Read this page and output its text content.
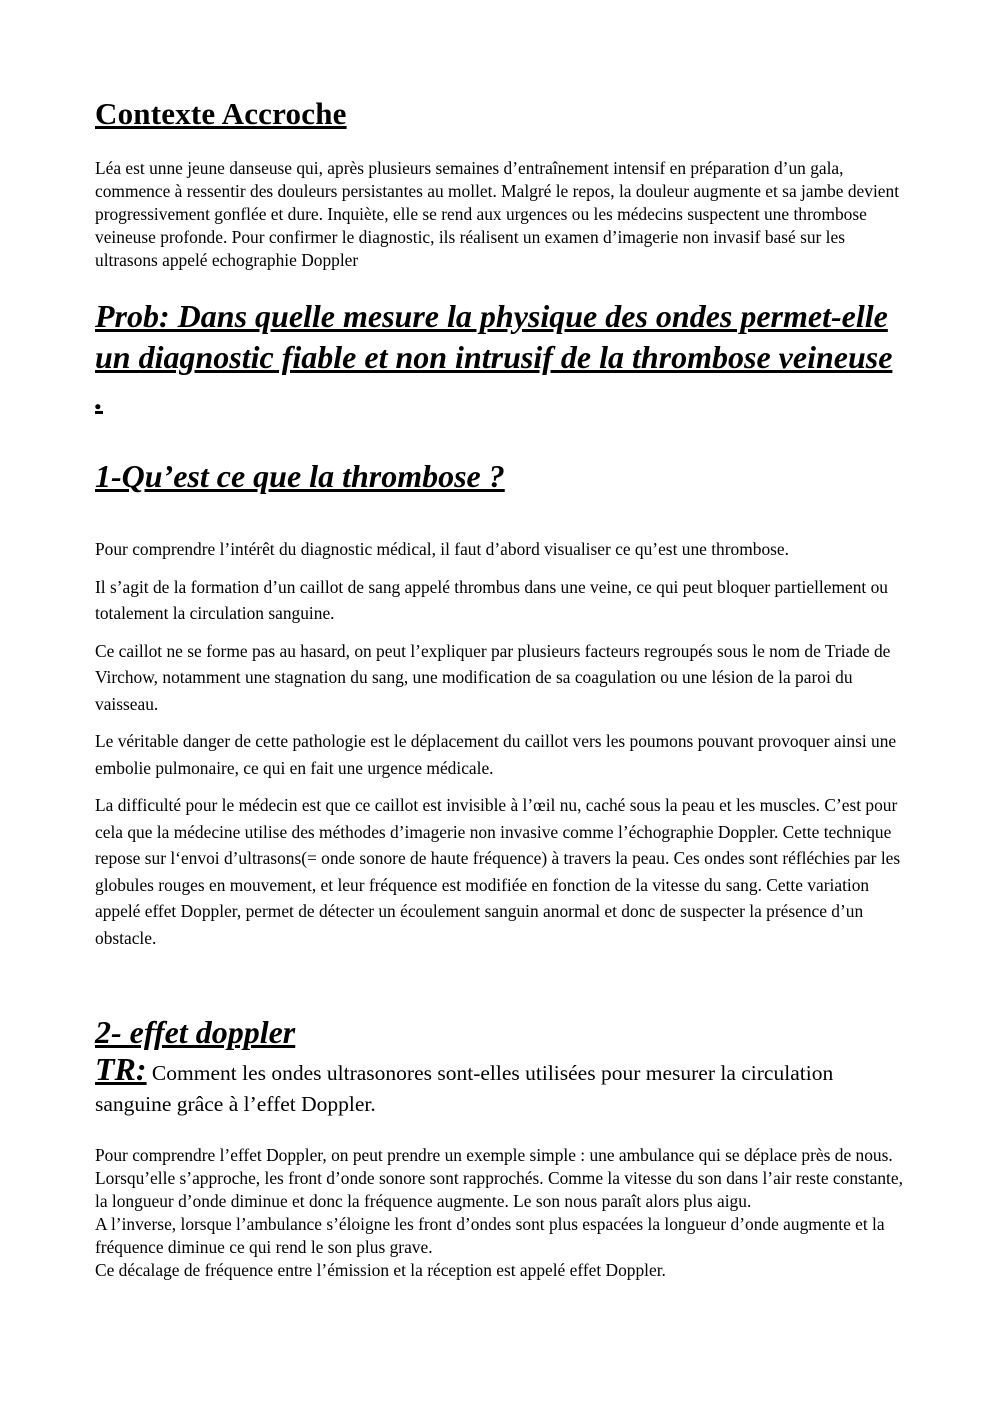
Contexte Accroche

Léa est unne jeune danseuse qui, après plusieurs semaines d’entraînement intensif en préparation d’un gala, commence à ressentir des douleurs persistantes au mollet. Malgré le repos, la douleur augmente et sa jambe devient progressivement gonflée et dure. Inquiète, elle se rend aux urgences ou les médecins suspectent une thrombose veineuse profonde. Pour confirmer le diagnostic, ils réalisent un examen d’imagerie non invasif basé sur les ultrasons appelé echographie Doppler

Prob: Dans quelle mesure la physique des ondes permet-elle un diagnostic fiable et non intrusif de la thrombose veineuse .
1-Qu’est ce que la thrombose ?

Pour comprendre l’intérêt du diagnostic médical, il faut d’abord visualiser ce qu’est une thrombose.

Il s’agit de la formation d’un caillot de sang appelé thrombus dans une veine, ce qui peut bloquer partiellement ou totalement la circulation sanguine.

Ce caillot ne se forme pas au hasard, on peut l’expliquer par plusieurs facteurs regroupés sous le nom de Triade de Virchow, notamment une stagnation du sang, une modification de sa coagulation ou une lésion de la paroi du vaisseau.

Le véritable danger de cette pathologie est le déplacement du caillot vers les poumons pouvant provoquer ainsi une embolie pulmonaire, ce qui en fait une urgence médicale.

La difficulté pour le médecin est que ce caillot est invisible à l’œil nu, caché sous la peau et les muscles. C’est pour cela que la médecine utilise des méthodes d’imagerie non invasive comme l’échographie Doppler. Cette technique repose sur l‘envoi d’ultrasons(= onde sonore de haute fréquence) à travers la peau. Ces ondes sont réfléchies par les globules rouges en mouvement, et leur fréquence est modifiée en fonction de la vitesse du sang. Cette variation appelé effet Doppler, permet de détecter un écoulement sanguin anormal et donc de suspecter la présence d’un obstacle.

2- effet doppler
TR: Comment les ondes ultrasonores sont-elles utilisées pour mesurer la circulation sanguine grâce à l’effet Doppler.

Pour comprendre l’effet Doppler, on peut prendre un exemple simple : une ambulance qui se déplace près de nous. Lorsqu’elle s’approche, les front d’onde sonore sont rapprochés. Comme la vitesse du son dans l’air reste constante, la longueur d’onde diminue et donc la fréquence augmente. Le son nous paraît alors plus aigu.

A l’inverse, lorsque l’ambulance s’éloigne les front d’ondes sont plus espacées la longueur d’onde augmente et la fréquence diminue ce qui rend le son plus grave.

Ce décalage de fréquence entre l’émission et la réception est appelé effet Doppler.
